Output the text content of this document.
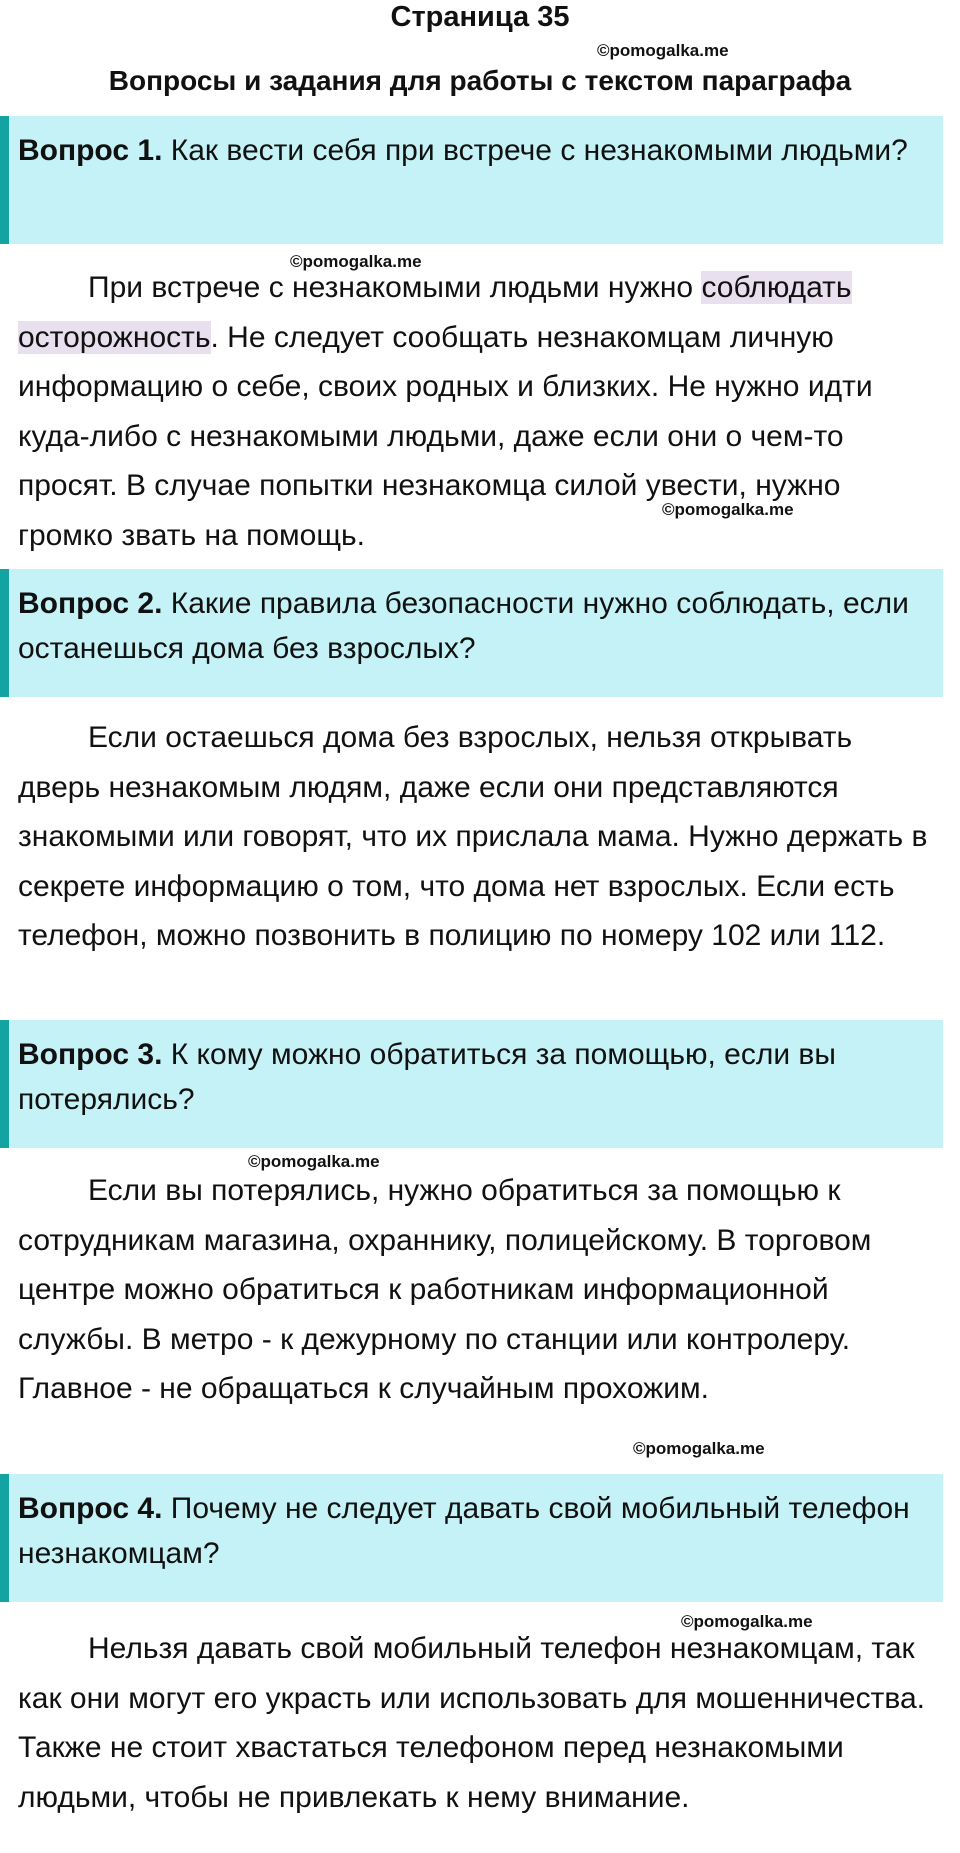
Страница 35
©pomogalka.me
Вопросы и задания для работы с текстом параграфа
Вопрос 1. Как вести себя при встрече с незнакомыми людьми?
©pomogalka.me
При встрече с незнакомыми людьми нужно соблюдать осторожность. Не следует сообщать незнакомцам личную информацию о себе, своих родных и близких. Не нужно идти куда-либо с незнакомыми людьми, даже если они о чем-то просят. В случае попытки незнакомца силой увести, нужно громко звать на помощь.
©pomogalka.me
Вопрос 2. Какие правила безопасности нужно соблюдать, если останешься дома без взрослых?
Если остаешься дома без взрослых, нельзя открывать дверь незнакомым людям, даже если они представляются знакомыми или говорят, что их прислала мама. Нужно держать в секрете информацию о том, что дома нет взрослых. Если есть телефон, можно позвонить в полицию по номеру 102 или 112.
Вопрос 3. К кому можно обратиться за помощью, если вы потерялись?
©pomogalka.me
Если вы потерялись, нужно обратиться за помощью к сотрудникам магазина, охраннику, полицейскому. В торговом центре можно обратиться к работникам информационной службы. В метро - к дежурному по станции или контролеру. Главное - не обращаться к случайным прохожим.
©pomogalka.me
Вопрос 4. Почему не следует давать свой мобильный телефон незнакомцам?
©pomogalka.me
Нельзя давать свой мобильный телефон незнакомцам, так как они могут его украсть или использовать для мошенничества. Также не стоит хвастаться телефоном перед незнакомыми людьми, чтобы не привлекать к нему внимание.
